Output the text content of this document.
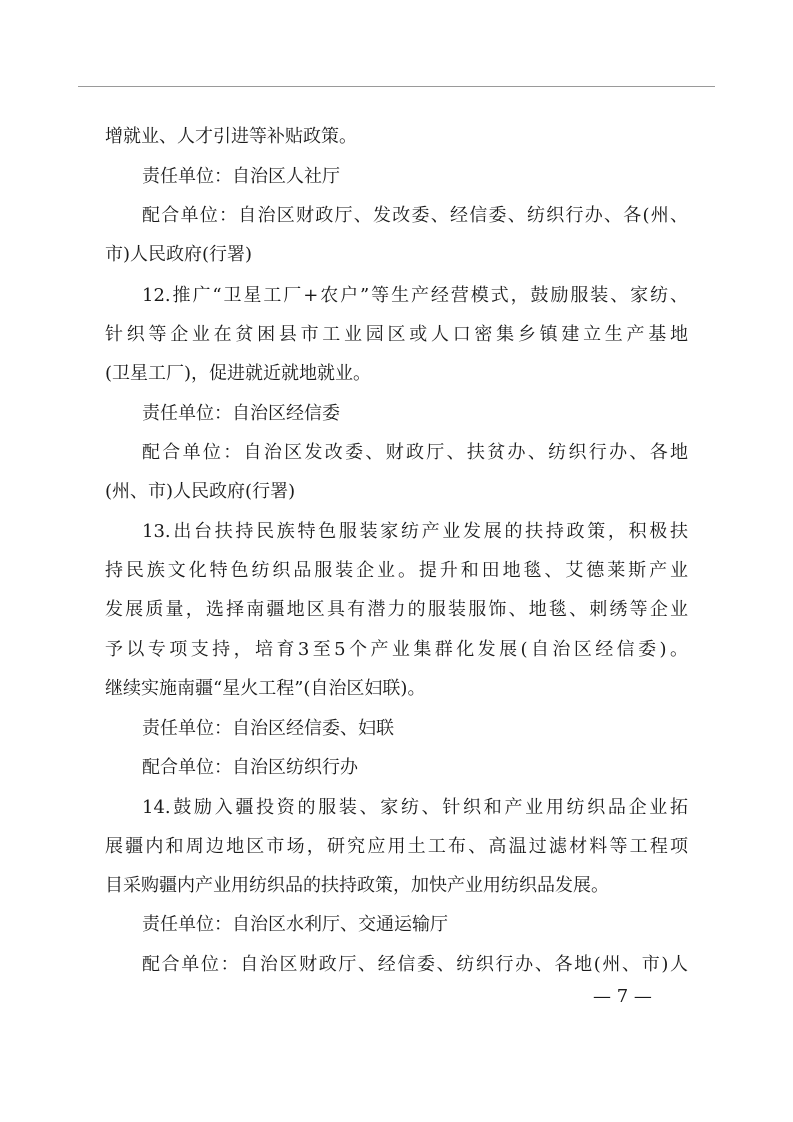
增就业、人才引进等补贴政策。
责任单位：自治区人社厅
配合单位：自治区财政厅、发改委、经信委、纺织行办、各(州、
市)人民政府(行署)
12.推广“卫星工厂+农户”等生产经营模式，鼓励服装、家纺、
针织等企业在贫困县市工业园区或人口密集乡镇建立生产基地
(卫星工厂)，促进就近就地就业。
责任单位：自治区经信委
配合单位：自治区发改委、财政厅、扶贫办、纺织行办、各地
(州、市)人民政府(行署)
13.出台扶持民族特色服装家纺产业发展的扶持政策，积极扶
持民族文化特色纺织品服装企业。提升和田地毯、艾德莱斯产业
发展质量，选择南疆地区具有潜力的服装服饰、地毯、刺绣等企业
予以专项支持，培育3至5个产业集群化发展(自治区经信委)。
继续实施南疆“星火工程”(自治区妇联)。
责任单位：自治区经信委、妇联
配合单位：自治区纺织行办
14.鼓励入疆投资的服装、家纺、针织和产业用纺织品企业拓
展疆内和周边地区市场，研究应用土工布、高温过滤材料等工程项
目采购疆内产业用纺织品的扶持政策，加快产业用纺织品发展。
责任单位：自治区水利厅、交通运输厅
配合单位：自治区财政厅、经信委、纺织行办、各地(州、市)人
— 7 —
